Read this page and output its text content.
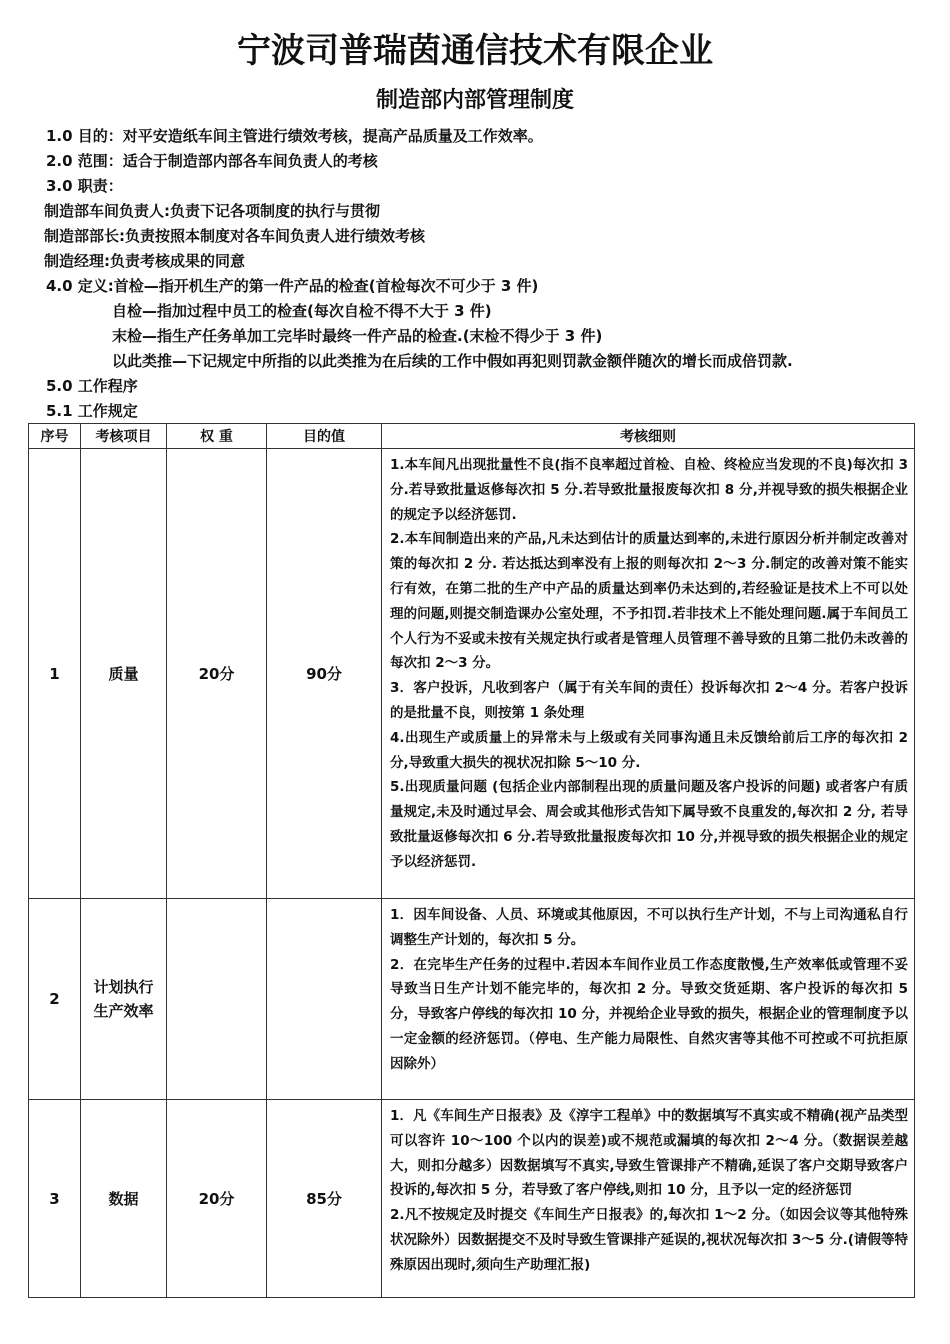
宁波司普瑞茵通信技术有限企业
制造部内部管理制度
1.0 目的：对平安造纸车间主管进行绩效考核，提高产品质量及工作效率。
2.0 范围：适合于制造部内部各车间负责人的考核
3.0 职责：
制造部车间负责人:负责下记各项制度的执行与贯彻
制造部部长:负责按照本制度对各车间负责人进行绩效考核
制造经理:负责考核成果的同意
4.0 定义:首检—指开机生产的第一件产品的检查(首检每次不可少于 3 件)
自检—指加过程中员工的检查(每次自检不得不大于 3 件)
末检—指生产任务单加工完毕时最终一件产品的检查.(末检不得少于 3 件)
以此类推—下记规定中所指的以此类推为在后续的工作中假如再犯则罚款金额伴随次的增长而成倍罚款.
5.0 工作程序
5.1 工作规定
序号	考核项目	权 重	目的值	考核细则
1	质量	20分	90分	1.本车间凡出现批量性不良(指不良率超过首检、自检、终检应当发现的不良)每次扣 3 分.若导致批量返修每次扣 5 分.若导致批量报废每次扣 8 分,并视导致的损失根据企业的规定予以经济惩罚.
2.本车间制造出来的产品,凡未达到估计的质量达到率的,未进行原因分析并制定改善对策的每次扣 2 分. 若达抵达到率没有上报的则每次扣 2～3 分.制定的改善对策不能实行有效，在第二批的生产中产品的质量达到率仍未达到的,若经验证是技术上不可以处理的问题,则提交制造课办公室处理，不予扣罚.若非技术上不能处理问题.属于车间员工个人行为不妥或未按有关规定执行或者是管理人员管理不善导致的且第二批仍未改善的每次扣 2～3 分。
3．客户投诉，凡收到客户（属于有关车间的责任）投诉每次扣 2～4 分。若客户投诉的是批量不良，则按第 1 条处理
4.出现生产或质量上的异常未与上级或有关同事沟通且未反馈给前后工序的每次扣 2 分,导致重大损失的视状况扣除 5～10 分.
5.出现质量问题 (包括企业内部制程出现的质量问题及客户投诉的问题) 或者客户有质量规定,未及时通过早会、周会或其他形式告知下属导致不良重发的,每次扣 2 分, 若导致批量返修每次扣 6 分.若导致批量报废每次扣 10 分,并视导致的损失根据企业的规定予以经济惩罚.

2	计划执行生产效率			1．因车间设备、人员、环境或其他原因，不可以执行生产计划，不与上司沟通私自行调整生产计划的，每次扣 5 分。
2．在完毕生产任务的过程中.若因本车间作业员工作态度散慢,生产效率低或管理不妥导致当日生产计划不能完毕的，每次扣 2 分。导致交货延期、客户投诉的每次扣 5 分，导致客户停线的每次扣 10 分，并视给企业导致的损失，根据企业的管理制度予以一定金额的经济惩罚。（停电、生产能力局限性、自然灾害等其他不可控或不可抗拒原因除外）

3	数据	20分	85分	1．凡《车间生产日报表》及《淳宇工程单》中的数据填写不真实或不精确(视产品类型可以容许 10～100 个以内的误差)或不规范或漏填的每次扣 2～4 分。（数据误差越大，则扣分越多）因数据填写不真实,导致生管课排产不精确,延误了客户交期导致客户投诉的,每次扣 5 分，若导致了客户停线,则扣 10 分，且予以一定的经济惩罚
2.凡不按规定及时提交《车间生产日报表》的,每次扣 1～2 分。（如因会议等其他特殊状况除外）因数据提交不及时导致生管课排产延误的,视状况每次扣 3～5 分.(请假等特殊原因出现时,须向生产助理汇报)
